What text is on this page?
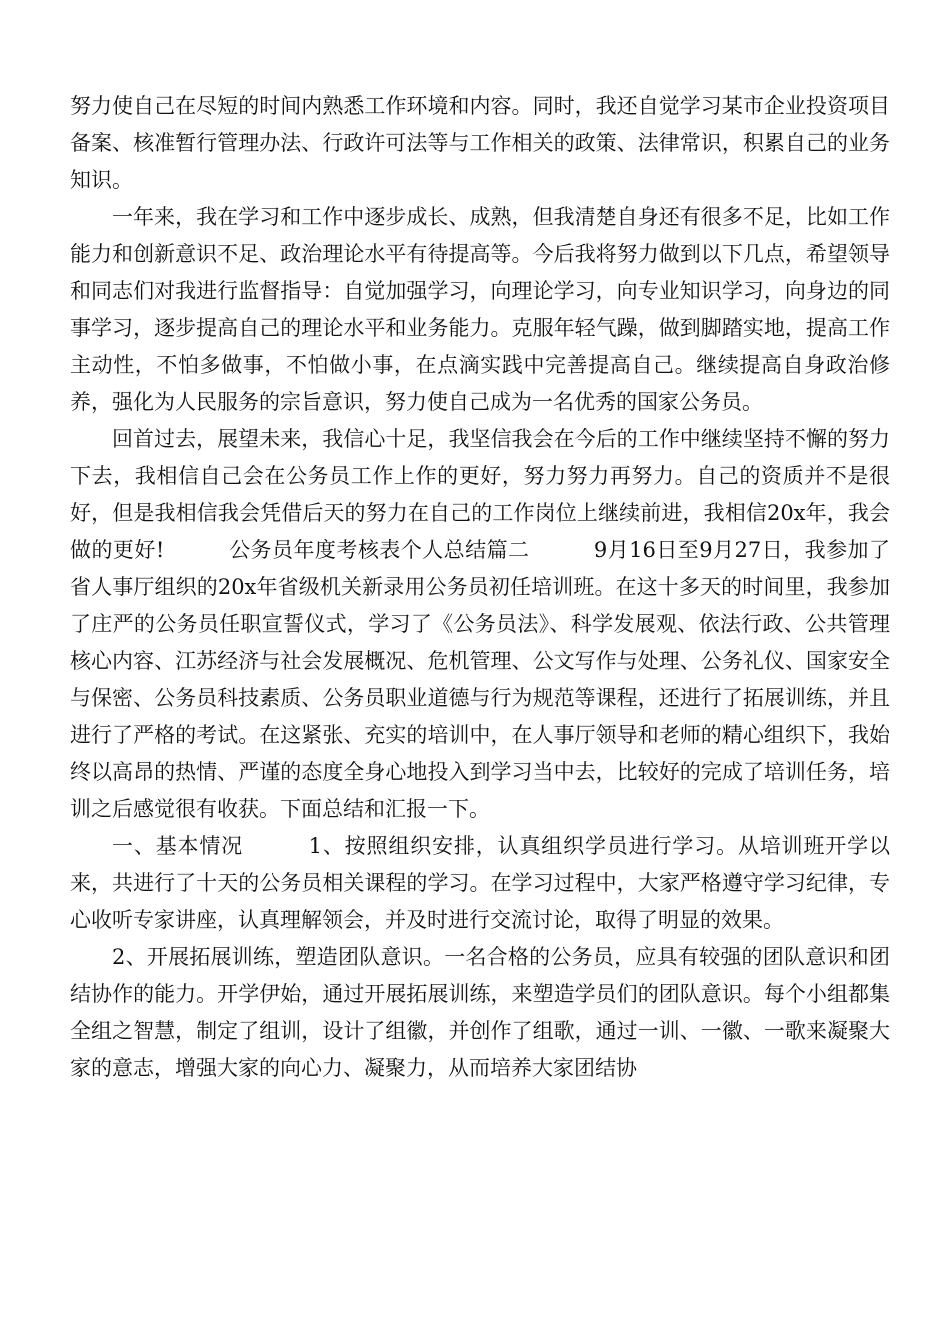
努力使自己在尽短的时间内熟悉工作环境和内容。同时，我还自觉学习某市企业投资项目备案、核准暂行管理办法、行政许可法等与工作相关的政策、法律常识，积累自己的业务知识。

一年来，我在学习和工作中逐步成长、成熟，但我清楚自身还有很多不足，比如工作能力和创新意识不足、政治理论水平有待提高等。今后我将努力做到以下几点，希望领导和同志们对我进行监督指导：自觉加强学习，向理论学习，向专业知识学习，向身边的同事学习，逐步提高自己的理论水平和业务能力。克服年轻气躁，做到脚踏实地，提高工作主动性，不怕多做事，不怕做小事，在点滴实践中完善提高自己。继续提高自身政治修养，强化为人民服务的宗旨意识，努力使自己成为一名优秀的国家公务员。

回首过去，展望未来，我信心十足，我坚信我会在今后的工作中继续坚持不懈的努力下去，我相信自己会在公务员工作上作的更好，努力努力再努力。自己的资质并不是很好，但是我相信我会凭借后天的努力在自己的工作岗位上继续前进，我相信20x年，我会做的更好!　　　公务员年度考核表个人总结篇二　　　9月16日至9月27日，我参加了省人事厅组织的20x年省级机关新录用公务员初任培训班。在这十多天的时间里，我参加了庄严的公务员任职宣誓仪式，学习了《公务员法》、科学发展观、依法行政、公共管理核心内容、江苏经济与社会发展概况、危机管理、公文写作与处理、公务礼仪、国家安全与保密、公务员科技素质、公务员职业道德与行为规范等课程，还进行了拓展训练，并且进行了严格的考试。在这紧张、充实的培训中，在人事厅领导和老师的精心组织下，我始终以高昂的热情、严谨的态度全身心地投入到学习当中去，比较好的完成了培训任务，培训之后感觉很有收获。下面总结和汇报一下。

一、基本情况　　　1、按照组织安排，认真组织学员进行学习。从培训班开学以来，共进行了十天的公务员相关课程的学习。在学习过程中，大家严格遵守学习纪律，专心收听专家讲座，认真理解领会，并及时进行交流讨论，取得了明显的效果。

2、开展拓展训练，塑造团队意识。一名合格的公务员，应具有较强的团队意识和团结协作的能力。开学伊始，通过开展拓展训练，来塑造学员们的团队意识。每个小组都集全组之智慧，制定了组训，设计了组徽，并创作了组歌，通过一训、一徽、一歌来凝聚大家的意志，增强大家的向心力、凝聚力，从而培养大家团结协
